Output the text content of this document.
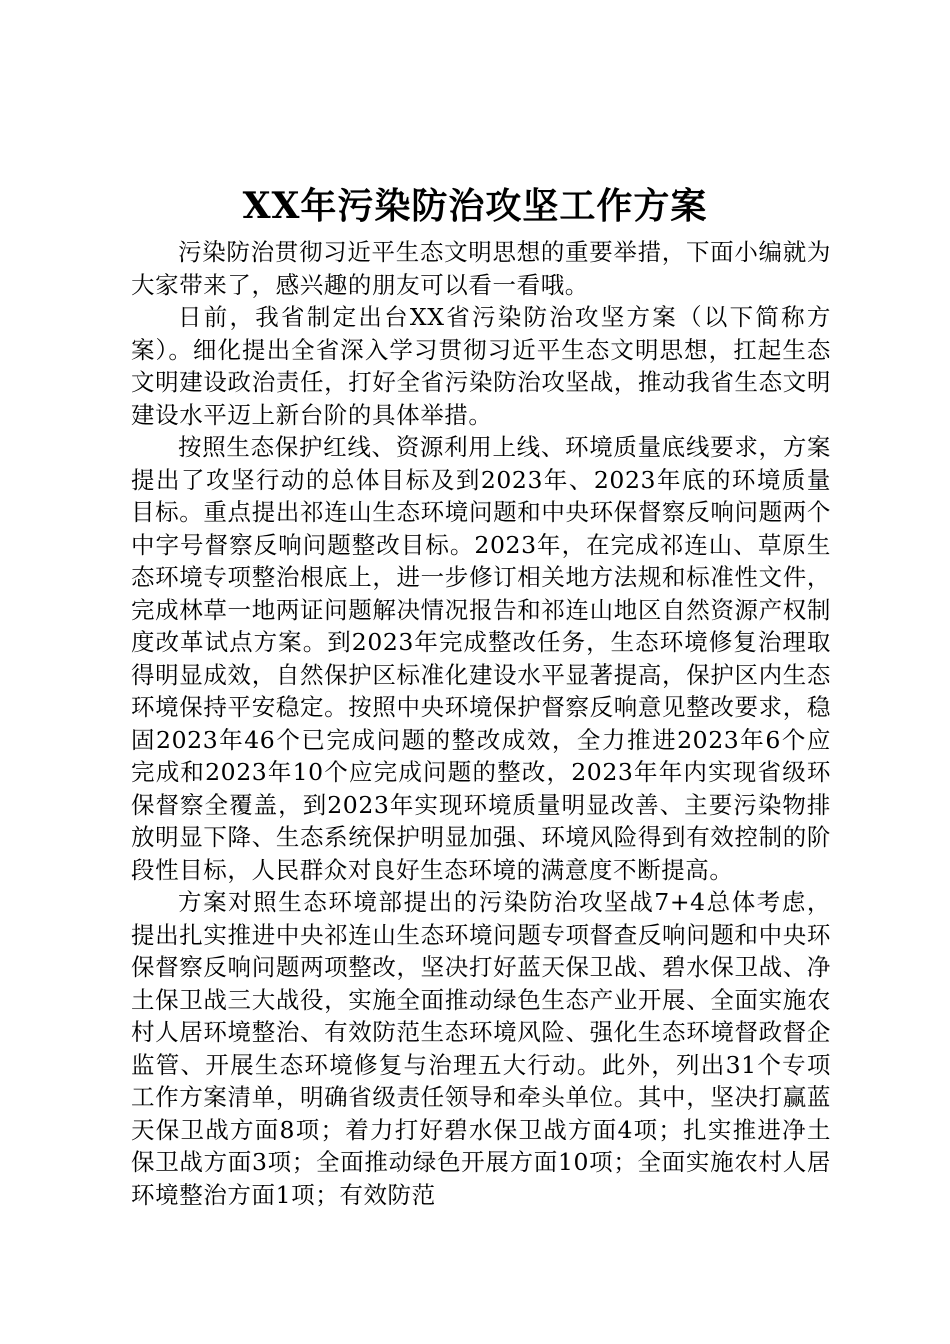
XX年污染防治攻坚工作方案

污染防治贯彻习近平生态文明思想的重要举措，下面小编就为大家带来了，感兴趣的朋友可以看一看哦。

日前，我省制定出台XX省污染防治攻坚方案（以下简称方案）。细化提出全省深入学习贯彻习近平生态文明思想，扛起生态文明建设政治责任，打好全省污染防治攻坚战，推动我省生态文明建设水平迈上新台阶的具体举措。

按照生态保护红线、资源利用上线、环境质量底线要求，方案提出了攻坚行动的总体目标及到2023年、2023年底的环境质量目标。重点提出祁连山生态环境问题和中央环保督察反响问题两个中字号督察反响问题整改目标。2023年，在完成祁连山、草原生态环境专项整治根底上，进一步修订相关地方法规和标准性文件，完成林草一地两证问题解决情况报告和祁连山地区自然资源产权制度改革试点方案。到2023年完成整改任务，生态环境修复治理取得明显成效，自然保护区标准化建设水平显著提高，保护区内生态环境保持平安稳定。按照中央环境保护督察反响意见整改要求，稳固2023年46个已完成问题的整改成效，全力推进2023年6个应完成和2023年10个应完成问题的整改，2023年年内实现省级环保督察全覆盖，到2023年实现环境质量明显改善、主要污染物排放明显下降、生态系统保护明显加强、环境风险得到有效控制的阶段性目标，人民群众对良好生态环境的满意度不断提高。

方案对照生态环境部提出的污染防治攻坚战7+4总体考虑，提出扎实推进中央祁连山生态环境问题专项督查反响问题和中央环保督察反响问题两项整改，坚决打好蓝天保卫战、碧水保卫战、净土保卫战三大战役，实施全面推动绿色生态产业开展、全面实施农村人居环境整治、有效防范生态环境风险、强化生态环境督政督企监管、开展生态环境修复与治理五大行动。此外，列出31个专项工作方案清单，明确省级责任领导和牵头单位。其中，坚决打赢蓝天保卫战方面8项；着力打好碧水保卫战方面4项；扎实推进净土保卫战方面3项；全面推动绿色开展方面10项；全面实施农村人居环境整治方面1项；有效防范
